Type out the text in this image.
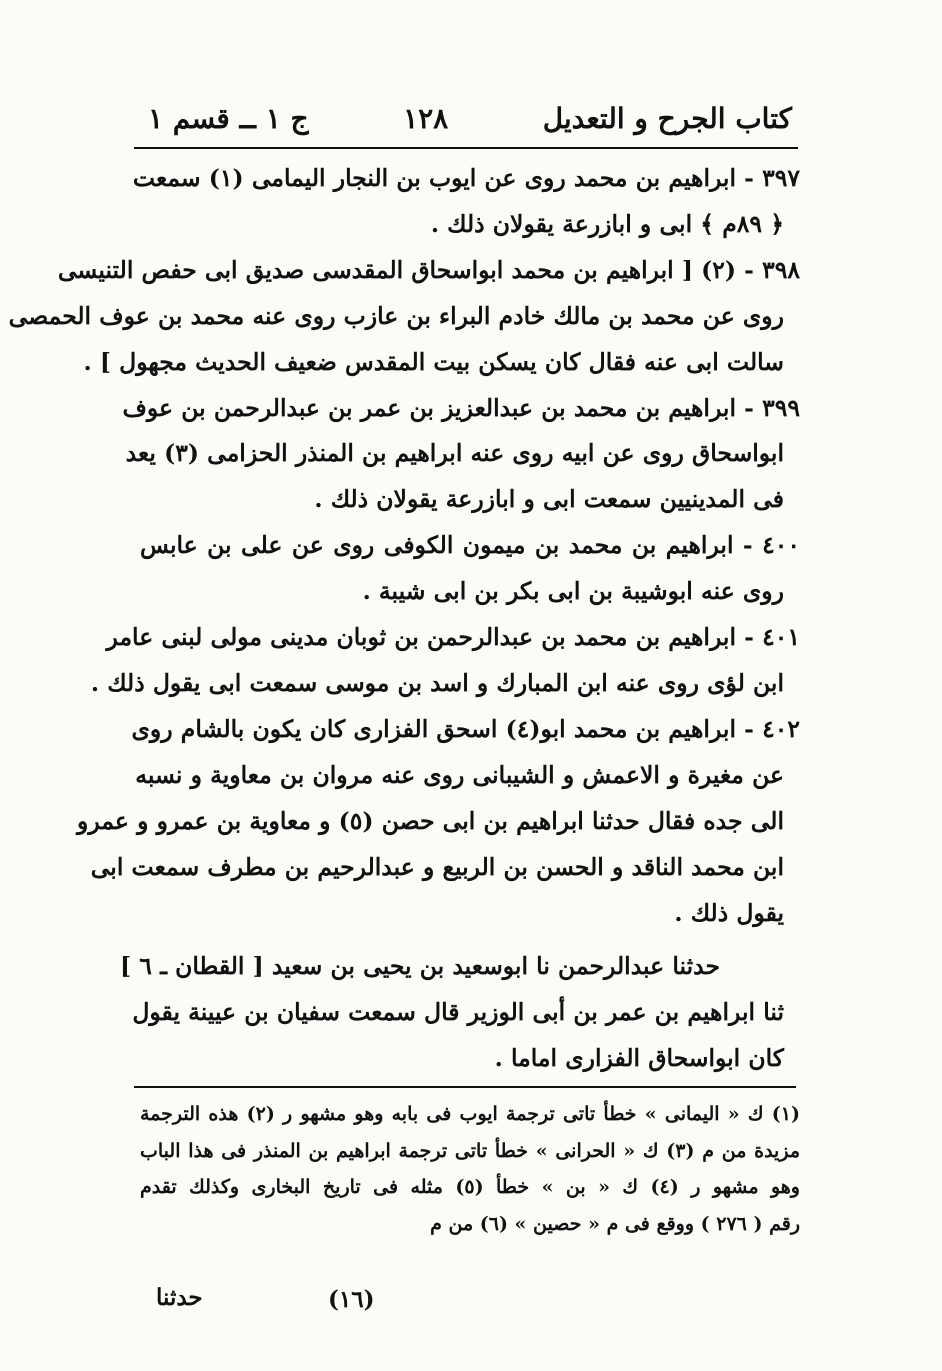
كتاب الجرح و التعديل
١٢٨
ج ١ ــ قسم ١
٣٩٧ - ابراهيم بن محمد روى عن ايوب بن النجار اليمامى (١) سمعت
﴿ ٨٩م ﴾ ابى و ابازرعة يقولان ذلك .
٣٩٨ - (٢) [ ابراهيم بن محمد ابواسحاق المقدسى صديق ابى حفص التنيسى
روى عن محمد بن مالك خادم البراء بن عازب روى عنه محمد بن عوف الحمصى
سالت ابى عنه فقال كان يسكن بيت المقدس ضعيف الحديث مجهول ] .
٣٩٩ - ابراهيم بن محمد بن عبدالعزيز بن عمر بن عبدالرحمن بن عوف
ابواسحاق روى عن ابيه روى عنه ابراهيم بن المنذر الحزامى (٣) يعد
فى المدينيين سمعت ابى و ابازرعة يقولان ذلك .
٤٠٠ - ابراهيم بن محمد بن ميمون الكوفى روى عن على بن عابس
روى عنه ابوشيبة بن ابى بكر بن ابى شيبة .
٤٠١ - ابراهيم بن محمد بن عبدالرحمن بن ثوبان مدينى مولى لبنى عامر
ابن لؤى روى عنه ابن المبارك و اسد بن موسى سمعت ابى يقول ذلك .
٤٠٢ - ابراهيم بن محمد ابو(٤) اسحق الفزارى كان يكون بالشام روى
عن مغيرة و الاعمش و الشيبانى روى عنه مروان بن معاوية و نسبه
الى جده فقال حدثنا ابراهيم بن ابى حصن (٥) و معاوية بن عمرو و عمرو
ابن محمد الناقد و الحسن بن الربيع و عبدالرحيم بن مطرف سمعت ابى
يقول ذلك .
حدثنا عبدالرحمن نا ابوسعيد بن يحيى بن سعيد [ القطان ـ ٦ ]
ثنا ابراهيم بن عمر بن أبى الوزير قال سمعت سفيان بن عيينة يقول
كان ابواسحاق الفزارى اماما .
(١) ك « اليمانى » خطأ تاتى ترجمة ايوب فى بابه وهو مشهو ر (٢) هذه الترجمة
مزيدة من م (٣) ك « الحرانى » خطأ تاتى ترجمة ابراهيم بن المنذر فى هذا الباب
وهو مشهو ر (٤) ك « بن » خطأ (٥) مثله فى تاريخ البخارى وكذلك تقدم
رقم ( ٢٧٦ ) ووقع فى م « حصين » (٦) من م
(١٦)
حدثنا
